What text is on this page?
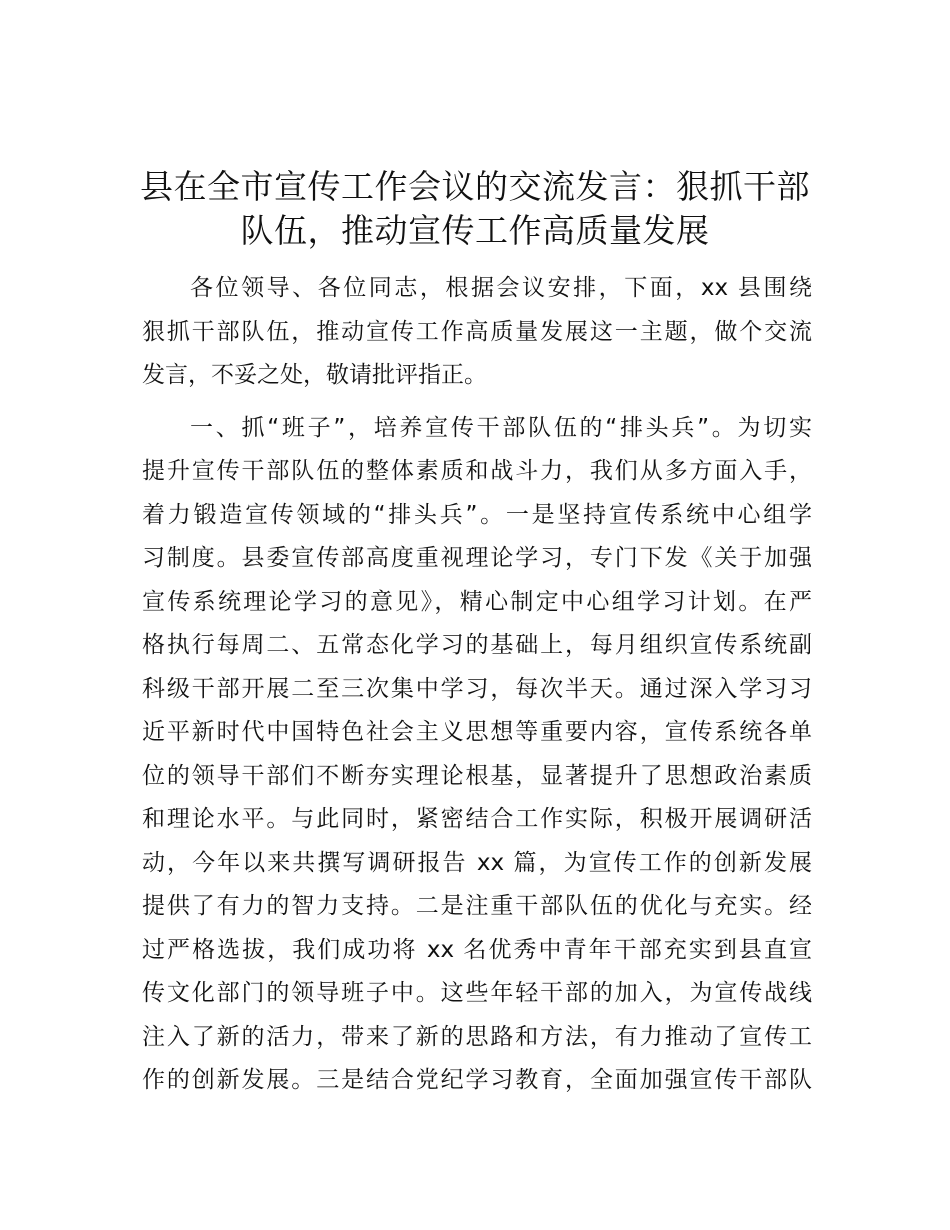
县在全市宣传工作会议的交流发言：狠抓干部
队伍，推动宣传工作高质量发展
各位领导、各位同志，根据会议安排，下面，xx 县围绕
狠抓干部队伍，推动宣传工作高质量发展这一主题，做个交流
发言，不妥之处，敬请批评指正。
一、抓“班子”，培养宣传干部队伍的“排头兵”。为切实
提升宣传干部队伍的整体素质和战斗力，我们从多方面入手，
着力锻造宣传领域的“排头兵”。一是坚持宣传系统中心组学
习制度。县委宣传部高度重视理论学习，专门下发《关于加强
宣传系统理论学习的意见》，精心制定中心组学习计划。在严
格执行每周二、五常态化学习的基础上，每月组织宣传系统副
科级干部开展二至三次集中学习，每次半天。通过深入学习习
近平新时代中国特色社会主义思想等重要内容，宣传系统各单
位的领导干部们不断夯实理论根基，显著提升了思想政治素质
和理论水平。与此同时，紧密结合工作实际，积极开展调研活
动，今年以来共撰写调研报告 xx 篇，为宣传工作的创新发展
提供了有力的智力支持。二是注重干部队伍的优化与充实。经
过严格选拔，我们成功将 xx 名优秀中青年干部充实到县直宣
传文化部门的领导班子中。这些年轻干部的加入，为宣传战线
注入了新的活力，带来了新的思路和方法，有力推动了宣传工
作的创新发展。三是结合党纪学习教育，全面加强宣传干部队
